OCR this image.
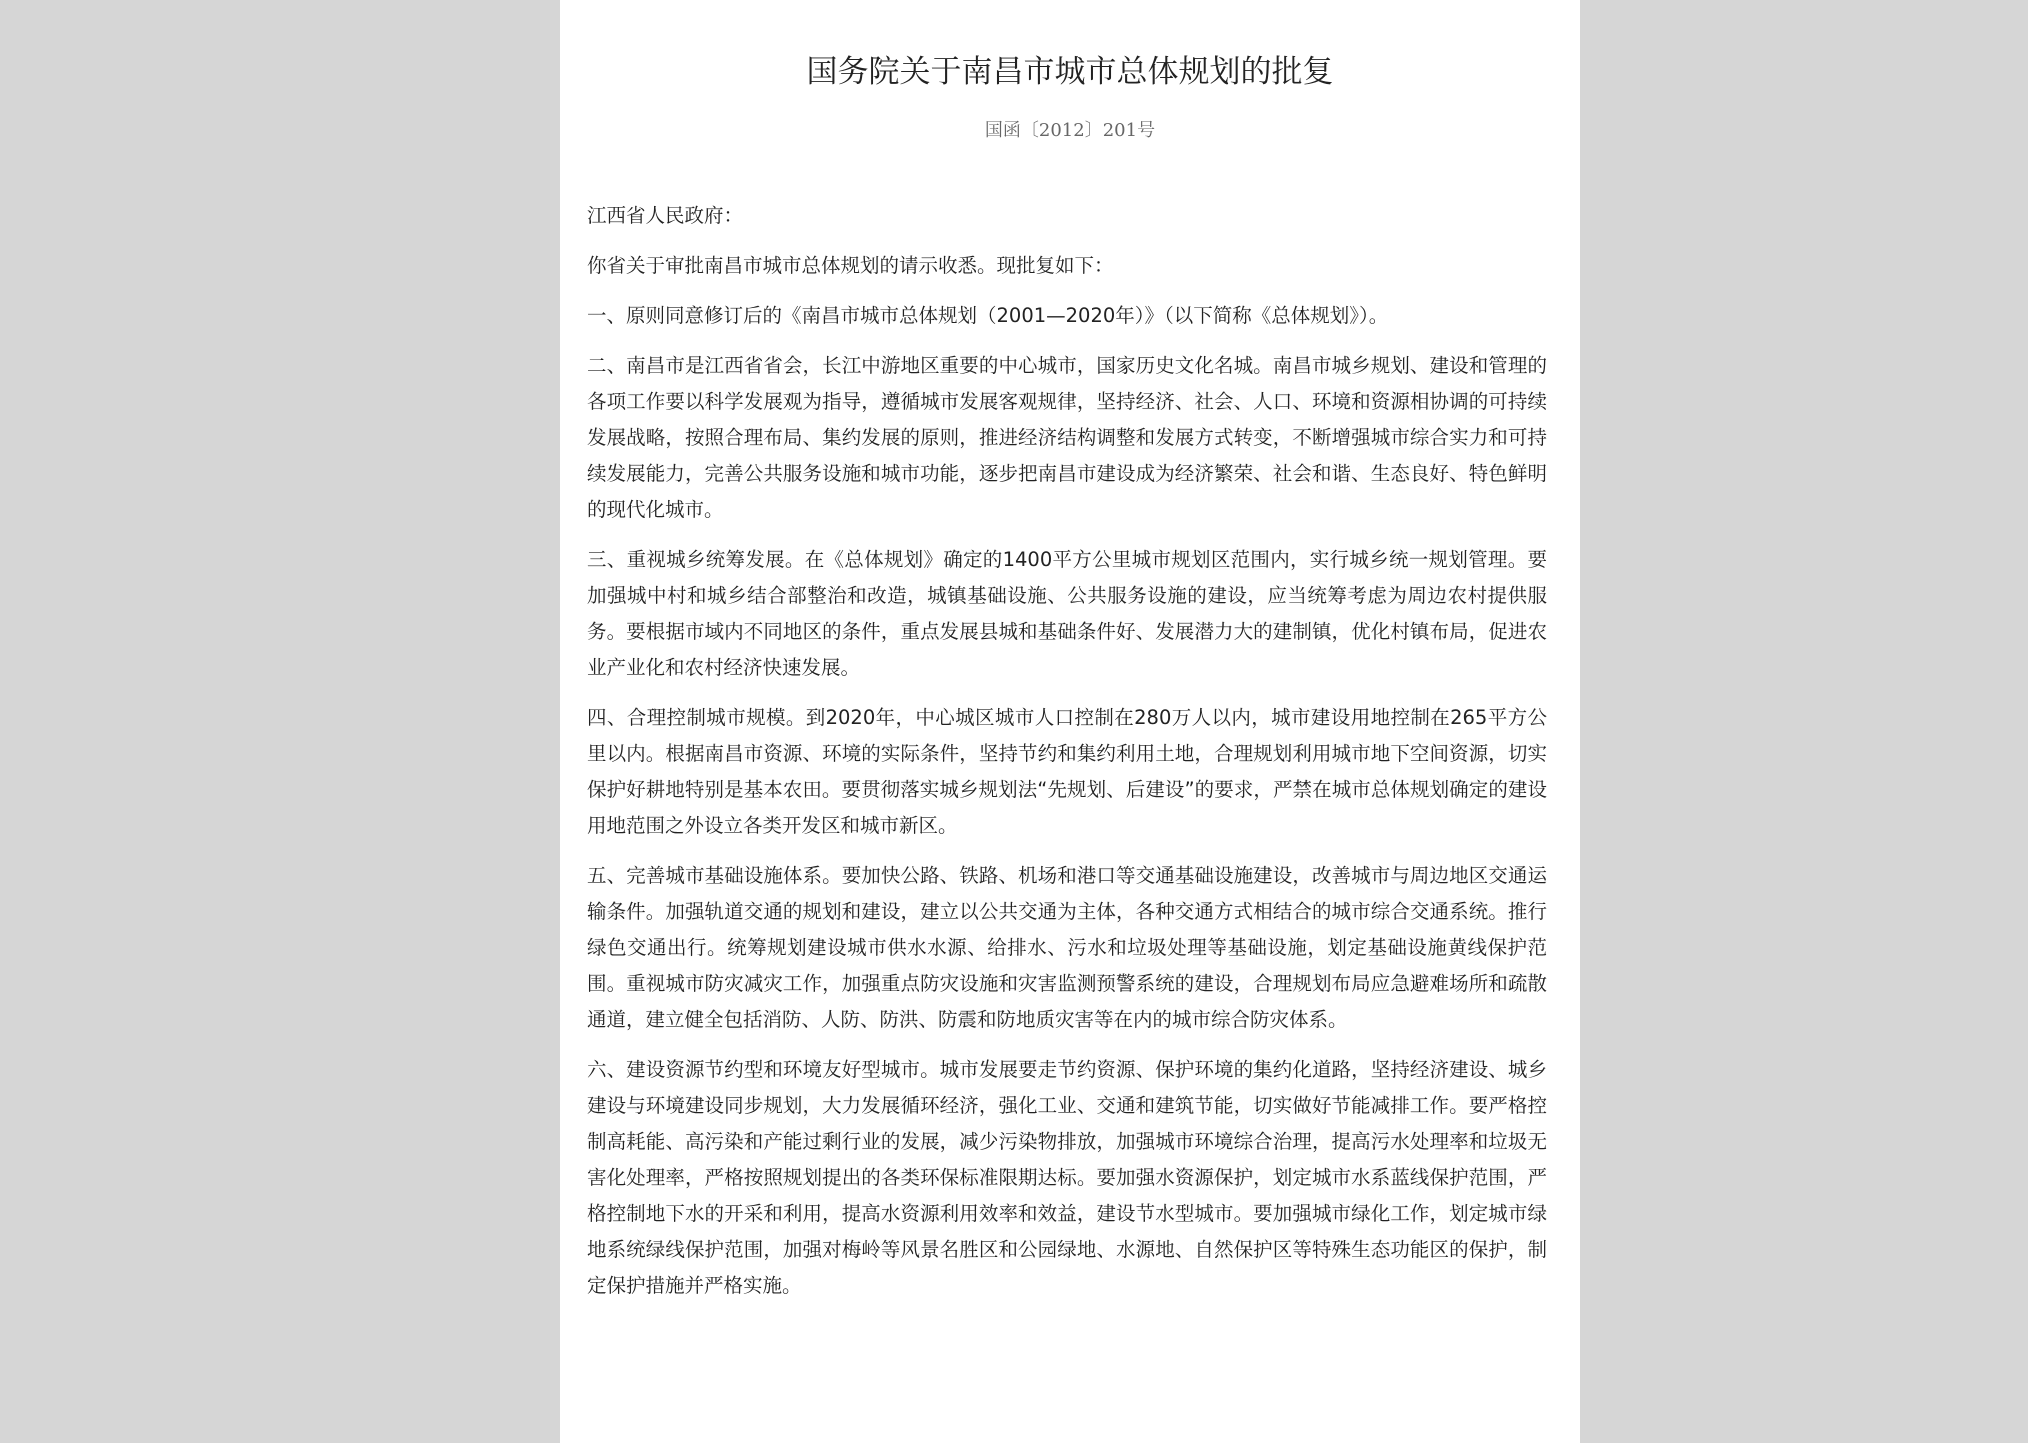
国务院关于南昌市城市总体规划的批复
国函〔2012〕201号

江西省人民政府：

你省关于审批南昌市城市总体规划的请示收悉。现批复如下：

一、原则同意修订后的《南昌市城市总体规划（2001—2020年）》（以下简称《总体规划》）。

二、南昌市是江西省省会，长江中游地区重要的中心城市，国家历史文化名城。南昌市城乡规划、建设和管理的各项工作要以科学发展观为指导，遵循城市发展客观规律，坚持经济、社会、人口、环境和资源相协调的可持续发展战略，按照合理布局、集约发展的原则，推进经济结构调整和发展方式转变，不断增强城市综合实力和可持续发展能力，完善公共服务设施和城市功能，逐步把南昌市建设成为经济繁荣、社会和谐、生态良好、特色鲜明的现代化城市。

三、重视城乡统筹发展。在《总体规划》确定的1400平方公里城市规划区范围内，实行城乡统一规划管理。要加强城中村和城乡结合部整治和改造，城镇基础设施、公共服务设施的建设，应当统筹考虑为周边农村提供服务。要根据市域内不同地区的条件，重点发展县城和基础条件好、发展潜力大的建制镇，优化村镇布局，促进农业产业化和农村经济快速发展。

四、合理控制城市规模。到2020年，中心城区城市人口控制在280万人以内，城市建设用地控制在265平方公里以内。根据南昌市资源、环境的实际条件，坚持节约和集约利用土地，合理规划利用城市地下空间资源，切实保护好耕地特别是基本农田。要贯彻落实城乡规划法“先规划、后建设”的要求，严禁在城市总体规划确定的建设用地范围之外设立各类开发区和城市新区。

五、完善城市基础设施体系。要加快公路、铁路、机场和港口等交通基础设施建设，改善城市与周边地区交通运输条件。加强轨道交通的规划和建设，建立以公共交通为主体，各种交通方式相结合的城市综合交通系统。推行绿色交通出行。统筹规划建设城市供水水源、给排水、污水和垃圾处理等基础设施，划定基础设施黄线保护范围。重视城市防灾减灾工作，加强重点防灾设施和灾害监测预警系统的建设，合理规划布局应急避难场所和疏散通道，建立健全包括消防、人防、防洪、防震和防地质灾害等在内的城市综合防灾体系。

六、建设资源节约型和环境友好型城市。城市发展要走节约资源、保护环境的集约化道路，坚持经济建设、城乡建设与环境建设同步规划，大力发展循环经济，强化工业、交通和建筑节能，切实做好节能减排工作。要严格控制高耗能、高污染和产能过剩行业的发展，减少污染物排放，加强城市环境综合治理，提高污水处理率和垃圾无害化处理率，严格按照规划提出的各类环保标准限期达标。要加强水资源保护，划定城市水系蓝线保护范围，严格控制地下水的开采和利用，提高水资源利用效率和效益，建设节水型城市。要加强城市绿化工作，划定城市绿地系统绿线保护范围，加强对梅岭等风景名胜区和公园绿地、水源地、自然保护区等特殊生态功能区的保护，制定保护措施并严格实施。
